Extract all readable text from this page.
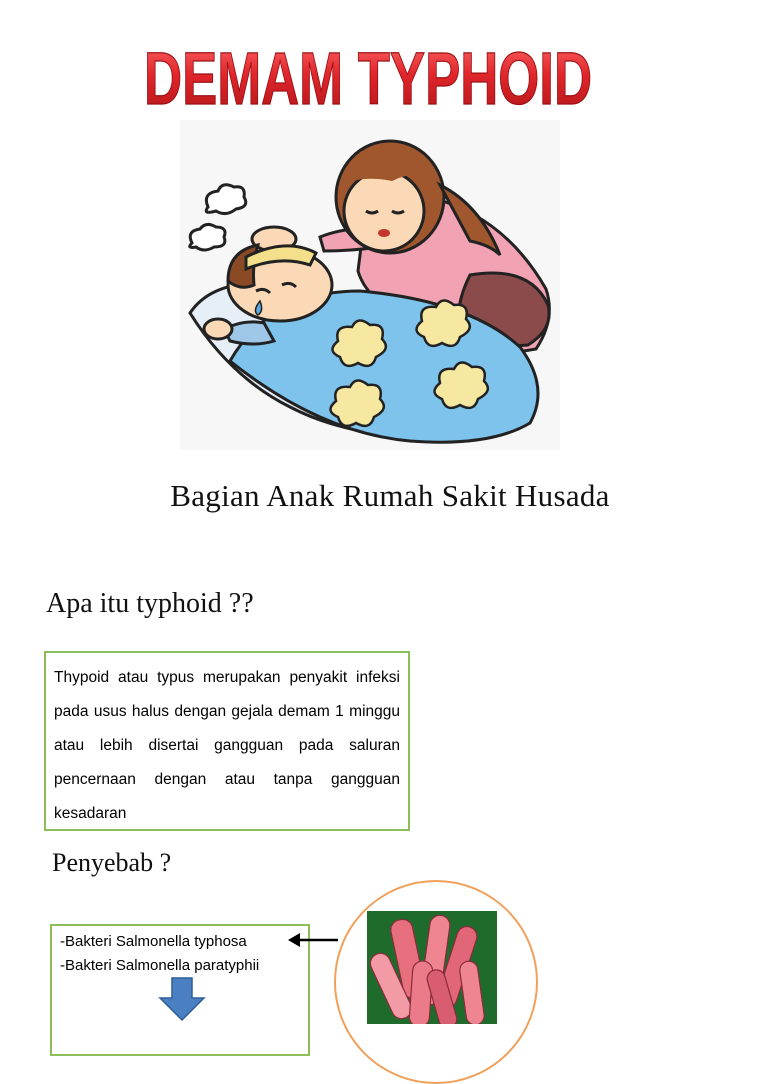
DEMAM TYPHOID
Bagian Anak Rumah Sakit Husada
Apa itu typhoid ??
Thypoid atau typus merupakan penyakit infeksi pada usus halus dengan gejala demam 1 minggu atau lebih disertai gangguan pada saluran pencernaan dengan atau tanpa gangguan kesadaran
Penyebab ?
-Bakteri Salmonella typhosa
-Bakteri Salmonella paratyphii
